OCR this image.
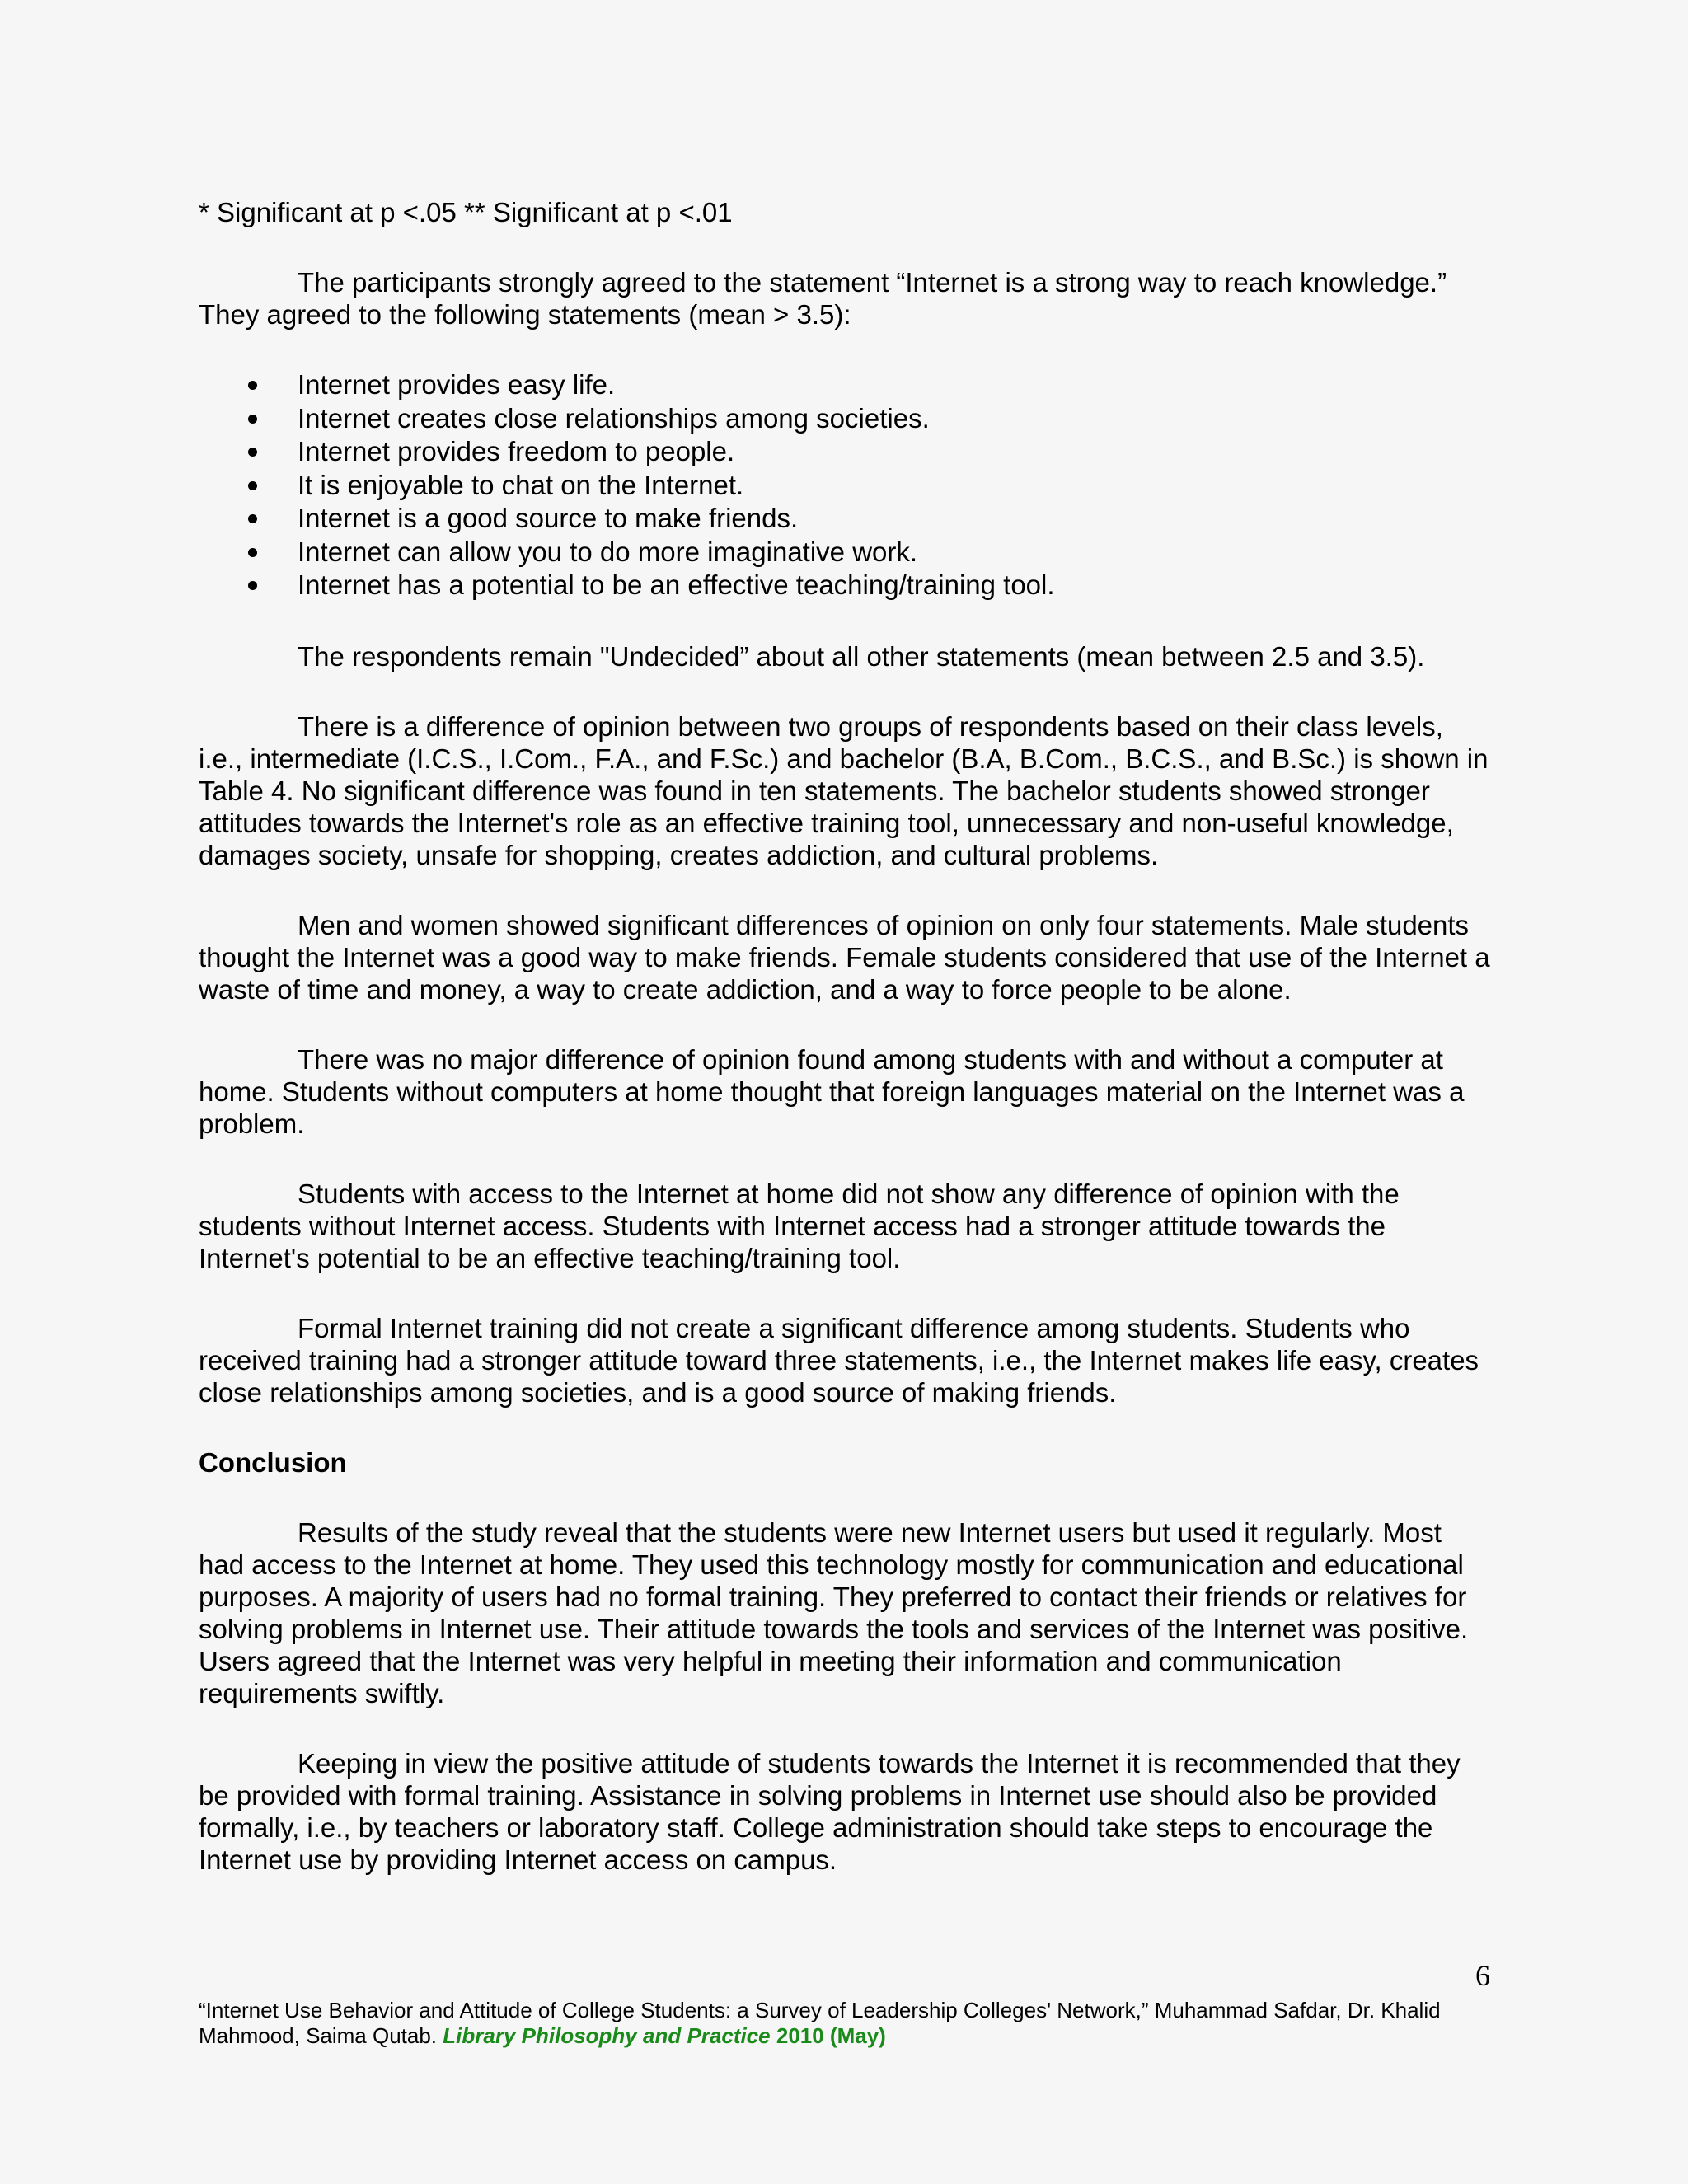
* Significant at p <.05 ** Significant at p <.01

The participants strongly agreed to the statement “Internet is a strong way to reach knowledge.” They agreed to the following statements (mean > 3.5):

Internet provides easy life.
Internet creates close relationships among societies.
Internet provides freedom to people.
It is enjoyable to chat on the Internet.
Internet is a good source to make friends.
Internet can allow you to do more imaginative work.
Internet has a potential to be an effective teaching/training tool.

The respondents remain "Undecided” about all other statements (mean between 2.5 and 3.5).

There is a difference of opinion between two groups of respondents based on their class levels, i.e., intermediate (I.C.S., I.Com., F.A., and F.Sc.) and bachelor (B.A, B.Com., B.C.S., and B.Sc.) is shown in Table 4. No significant difference was found in ten statements. The bachelor students showed stronger attitudes towards the Internet's role as an effective training tool, unnecessary and non-useful knowledge, damages society, unsafe for shopping, creates addiction, and cultural problems.

Men and women showed significant differences of opinion on only four statements. Male students thought the Internet was a good way to make friends. Female students considered that use of the Internet a waste of time and money, a way to create addiction, and a way to force people to be alone.

There was no major difference of opinion found among students with and without a computer at home. Students without computers at home thought that foreign languages material on the Internet was a problem.

Students with access to the Internet at home did not show any difference of opinion with the students without Internet access. Students with Internet access had a stronger attitude towards the Internet's potential to be an effective teaching/training tool.

Formal Internet training did not create a significant difference among students. Students who received training had a stronger attitude toward three statements, i.e., the Internet makes life easy, creates close relationships among societies, and is a good source of making friends.

Conclusion

Results of the study reveal that the students were new Internet users but used it regularly. Most had access to the Internet at home. They used this technology mostly for communication and educational purposes. A majority of users had no formal training. They preferred to contact their friends or relatives for solving problems in Internet use. Their attitude towards the tools and services of the Internet was positive. Users agreed that the Internet was very helpful in meeting their information and communication requirements swiftly.

Keeping in view the positive attitude of students towards the Internet it is recommended that they be provided with formal training. Assistance in solving problems in Internet use should also be provided formally, i.e., by teachers or laboratory staff. College administration should take steps to encourage the Internet use by providing Internet access on campus.

6
“Internet Use Behavior and Attitude of College Students: a Survey of Leadership Colleges' Network,” Muhammad Safdar, Dr. Khalid Mahmood, Saima Qutab. Library Philosophy and Practice 2010 (May)
